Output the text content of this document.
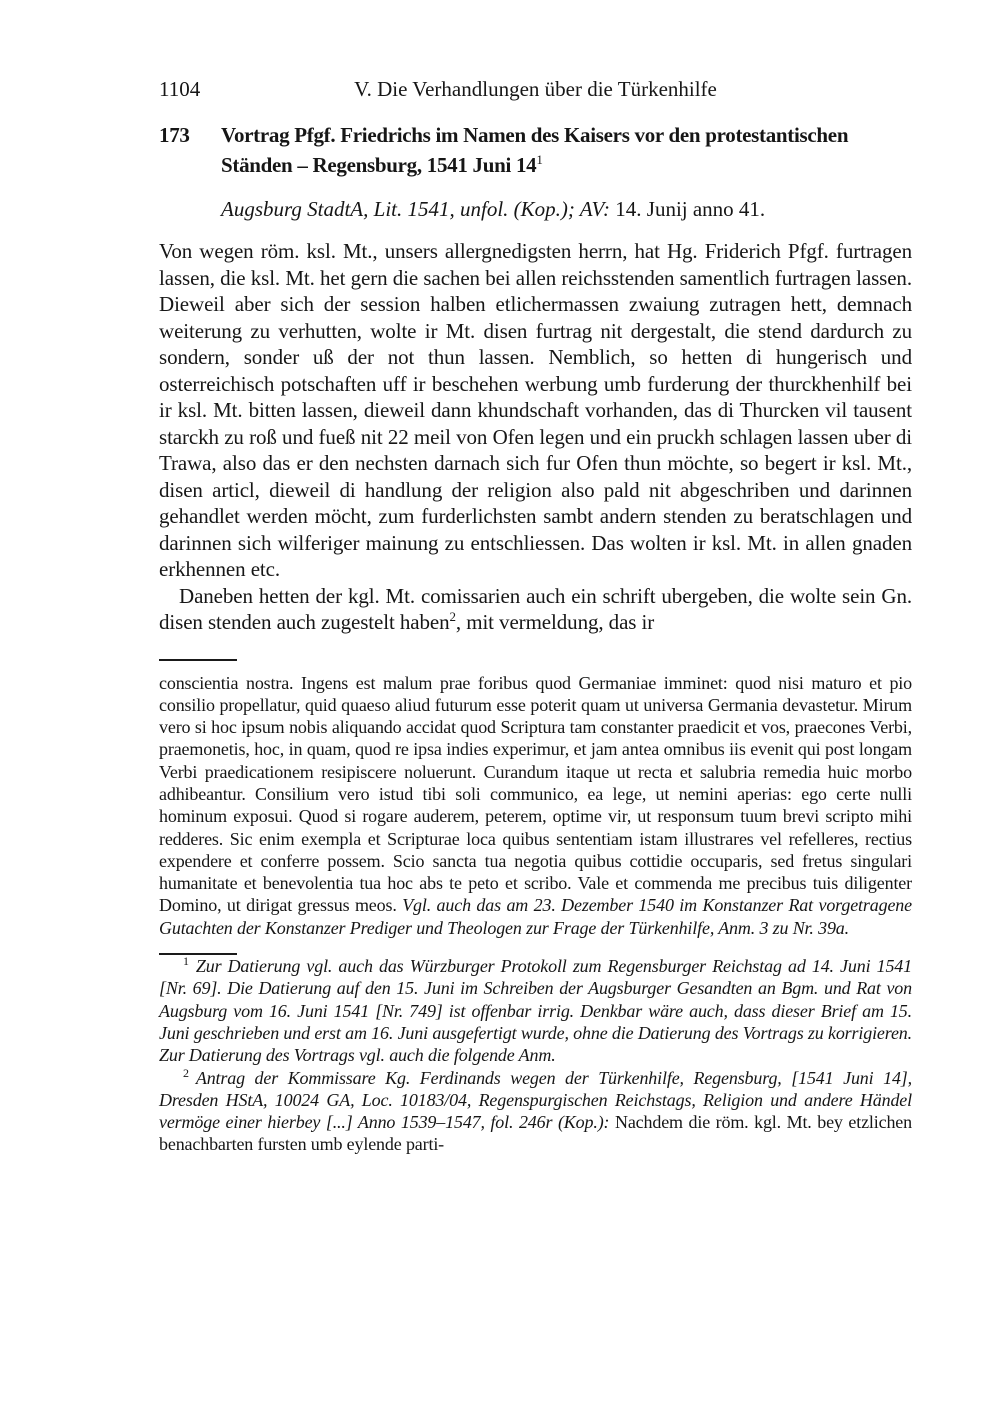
1104	V. Die Verhandlungen über die Türkenhilfe
173 Vortrag Pfgf. Friedrichs im Namen des Kaisers vor den protestantischen Ständen – Regensburg, 1541 Juni $14^1$

Augsburg StadtA, Lit. 1541, unfol. (Kop.); AV: 14. Junij anno 41.

Von wegen röm. ksl. Mt., unsers allergnedigsten herrn, hat Hg. Friderich Pfgf. furtragen lassen, die ksl. Mt. het gern die sachen bei allen reichsstenden samentlich furtragen lassen. Dieweil aber sich der session halben etlichermassen zwaiung zutragen hett, demnach weiterung zu verhutten, wolte ir Mt. disen furtrag nit dergestalt, die stend dardurch zu sondern, sonder uß der not thun lassen. Nemblich, so hetten di hungerisch und osterreichisch potschaften uff ir beschehen werbung umb furderung der thurckhenhilf bei ir ksl. Mt. bitten lassen, dieweil dann khundschaft vorhanden, das di Thurcken vil tausent starckh zu roß und fueß nit 22 meil von Ofen legen und ein pruckh schlagen lassen uber di Trawa, also das er den nechsten darnach sich fur Ofen thun möchte, so begert ir ksl. Mt., disen articl, dieweil di handlung der religion also pald nit abgeschriben und darinnen gehandlet werden möcht, zum furderlichsten sambt andern stenden zu beratschlagen und darinnen sich wilferiger mainung zu entschliessen. Das wolten ir ksl. Mt. in allen gnaden erkhennen etc.

Daneben hetten der kgl. Mt. comissarien auch ein schrift ubergeben, die wolte sein Gn. disen stenden auch zugestelt haben$^2$, mit vermeldung, das ir

conscientia nostra. Ingens est malum prae foribus quod Germaniae imminet: quod nisi maturo et pio consilio propellatur, quid quaeso aliud futurum esse poterit quam ut universa Germania devastetur. Mirum vero si hoc ipsum nobis aliquando accidat quod Scriptura tam constanter praedicit et vos, praecones Verbi, praemonetis, hoc, in quam, quod re ipsa indies experimur, et jam antea omnibus iis evenit qui post longam Verbi praedicationem resipiscere noluerunt. Curandum itaque ut recta et salubria remedia huic morbo adhibeantur. Consilium vero istud tibi soli communico, ea lege, ut nemini aperias: ego certe nulli hominum exposui. Quod si rogare auderem, peterem, optime vir, ut responsum tuum brevi scripto mihi redderes. Sic enim exempla et Scripturae loca quibus sententiam istam illustrares vel refelleres, rectius expendere et conferre possem. Scio sancta tua negotia quibus cottidie occuparis, sed fretus singulari humanitate et benevolentia tua hoc abs te peto et scribo. Vale et commenda me precibus tuis diligenter Domino, ut dirigat gressus meos. Vgl. auch das am 23. Dezember 1540 im Konstanzer Rat vorgetragene Gutachten der Konstanzer Prediger und Theologen zur Frage der Türkenhilfe, Anm. 3 zu Nr. 39a.
$^1$ Zur Datierung vgl. auch das Würzburger Protokoll zum Regensburger Reichstag ad 14. Juni 1541 [Nr. 69]. Die Datierung auf den 15. Juni im Schreiben der Augsburger Gesandten an Bgm. und Rat von Augsburg vom 16. Juni 1541 [Nr. 749] ist offenbar irrig. Denkbar wäre auch, dass dieser Brief am 15. Juni geschrieben und erst am 16. Juni ausgefertigt wurde, ohne die Datierung des Vortrags zu korrigieren. Zur Datierung des Vortrags vgl. auch die folgende Anm.
$^2$ Antrag der Kommissare Kg. Ferdinands wegen der Türkenhilfe, Regensburg, [1541 Juni 14], Dresden HStA, 10024 GA, Loc. 10183/04, Regenspurgischen Reichstags, Religion und andere Händel vermöge einer hierbey [...] Anno 1539–1547, fol. 246r (Kop.): Nachdem die röm. kgl. Mt. bey etzlichen benachbarten fursten umb eylende parti-
